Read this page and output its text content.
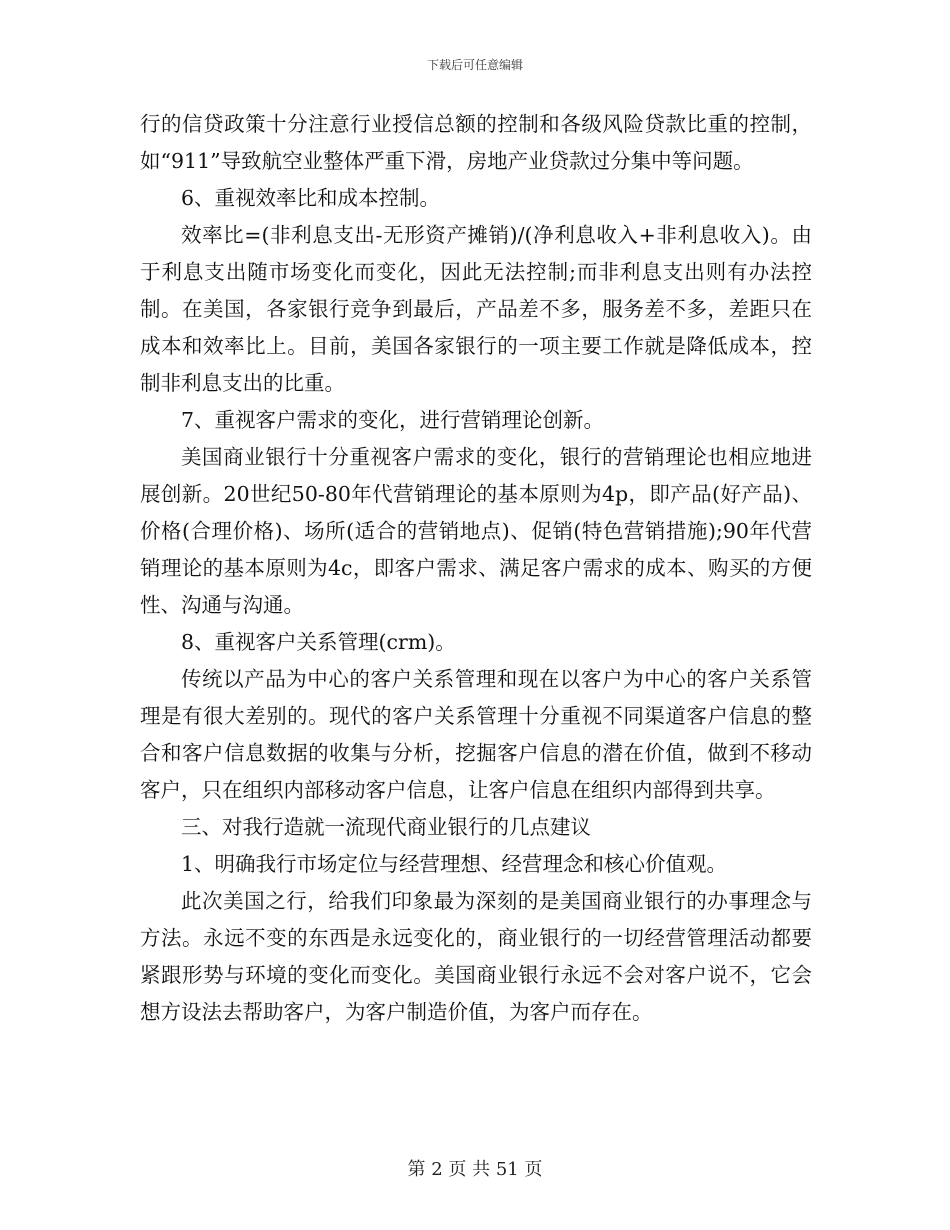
下载后可任意编辑

行的信贷政策十分注意行业授信总额的控制和各级风险贷款比重的控制，如“911”导致航空业整体严重下滑，房地产业贷款过分集中等问题。

6、重视效率比和成本控制。

效率比=(非利息支出-无形资产摊销)/(净利息收入+非利息收入)。由于利息支出随市场变化而变化，因此无法控制;而非利息支出则有办法控制。在美国，各家银行竞争到最后，产品差不多，服务差不多，差距只在成本和效率比上。目前，美国各家银行的一项主要工作就是降低成本，控制非利息支出的比重。

7、重视客户需求的变化，进行营销理论创新。

美国商业银行十分重视客户需求的变化，银行的营销理论也相应地进展创新。20世纪50-80年代营销理论的基本原则为4p，即产品(好产品)、价格(合理价格)、场所(适合的营销地点)、促销(特色营销措施);90年代营销理论的基本原则为4c，即客户需求、满足客户需求的成本、购买的方便性、沟通与沟通。

8、重视客户关系管理(crm)。

传统以产品为中心的客户关系管理和现在以客户为中心的客户关系管理是有很大差别的。现代的客户关系管理十分重视不同渠道客户信息的整合和客户信息数据的收集与分析，挖掘客户信息的潜在价值，做到不移动客户，只在组织内部移动客户信息，让客户信息在组织内部得到共享。

三、对我行造就一流现代商业银行的几点建议

1、明确我行市场定位与经营理想、经营理念和核心价值观。

此次美国之行，给我们印象最为深刻的是美国商业银行的办事理念与方法。永远不变的东西是永远变化的，商业银行的一切经营管理活动都要紧跟形势与环境的变化而变化。美国商业银行永远不会对客户说不，它会想方设法去帮助客户，为客户制造价值，为客户而存在。

第 2 页 共 51 页
